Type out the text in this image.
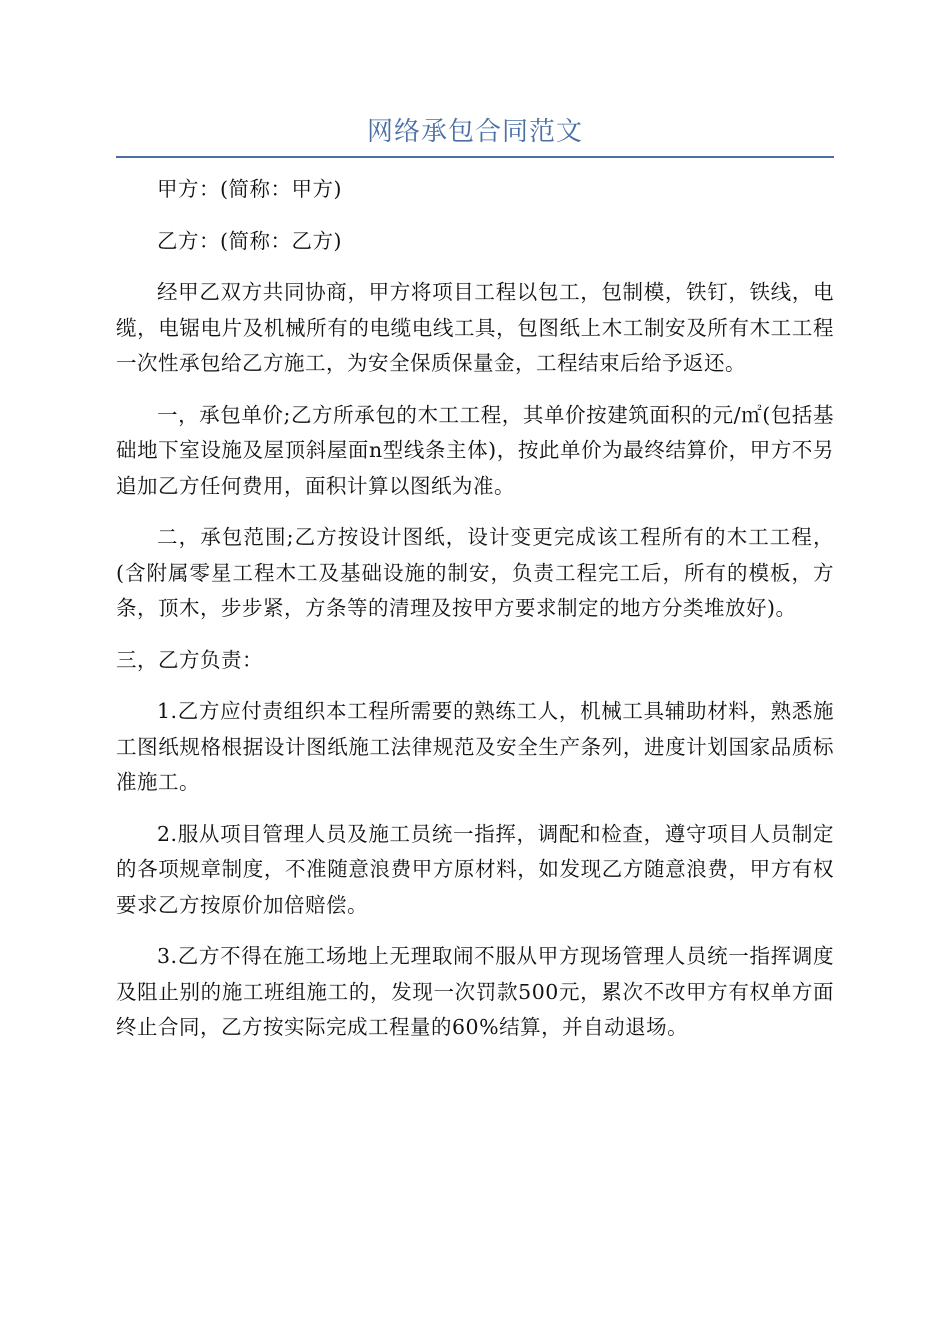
网络承包合同范文

甲方：(简称：甲方)

乙方：(简称：乙方)

经甲乙双方共同协商，甲方将项目工程以包工，包制模，铁钉，铁线，电缆，电锯电片及机械所有的电缆电线工具，包图纸上木工制安及所有木工工程一次性承包给乙方施工，为安全保质保量金，工程结束后给予返还。

一，承包单价;乙方所承包的木工工程，其单价按建筑面积的元/㎡(包括基础地下室设施及屋顶斜屋面n型线条主体)，按此单价为最终结算价，甲方不另追加乙方任何费用，面积计算以图纸为准。

二，承包范围;乙方按设计图纸，设计变更完成该工程所有的木工工程，(含附属零星工程木工及基础设施的制安，负责工程完工后，所有的模板，方条，顶木，步步紧，方条等的清理及按甲方要求制定的地方分类堆放好)。

三，乙方负责：

1.乙方应付责组织本工程所需要的熟练工人，机械工具辅助材料，熟悉施工图纸规格根据设计图纸施工法律规范及安全生产条列，进度计划国家品质标准施工。

2.服从项目管理人员及施工员统一指挥，调配和检查，遵守项目人员制定的各项规章制度，不准随意浪费甲方原材料，如发现乙方随意浪费，甲方有权要求乙方按原价加倍赔偿。

3.乙方不得在施工场地上无理取闹不服从甲方现场管理人员统一指挥调度及阻止别的施工班组施工的，发现一次罚款500元，累次不改甲方有权单方面终止合同，乙方按实际完成工程量的60%结算，并自动退场。
